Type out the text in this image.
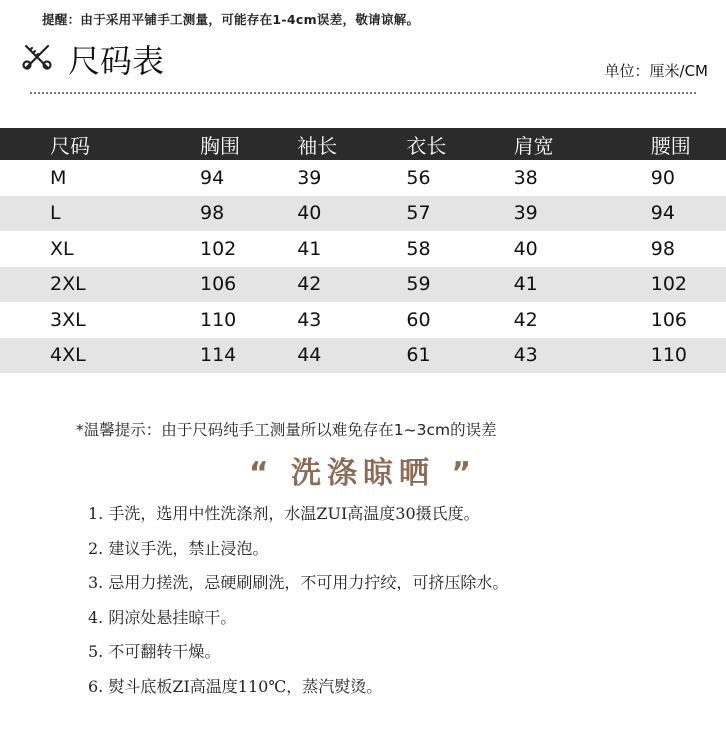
提醒：由于采用平铺手工测量，可能存在1-4cm误差，敬请谅解。
尺码表	单位：厘米/CM
尺码	胸围	袖长	衣长	肩宽	腰围
M	94	39	56	38	90
L	98	40	57	39	94
XL	102	41	58	40	98
2XL	106	42	59	41	102
3XL	110	43	60	42	106
4XL	114	44	61	43	110
*温馨提示：由于尺码纯手工测量所以难免存在1~3cm的误差
“ 洗涤晾晒 ”
1. 手洗，选用中性洗涤剂，水温ZUI高温度30摄氏度。
2. 建议手洗，禁止浸泡。
3. 忌用力搓洗，忌硬刷刷洗，不可用力拧绞，可挤压除水。
4. 阴凉处悬挂晾干。
5. 不可翻转干燥。
6. 熨斗底板ZI高温度110℃，蒸汽熨烫。
